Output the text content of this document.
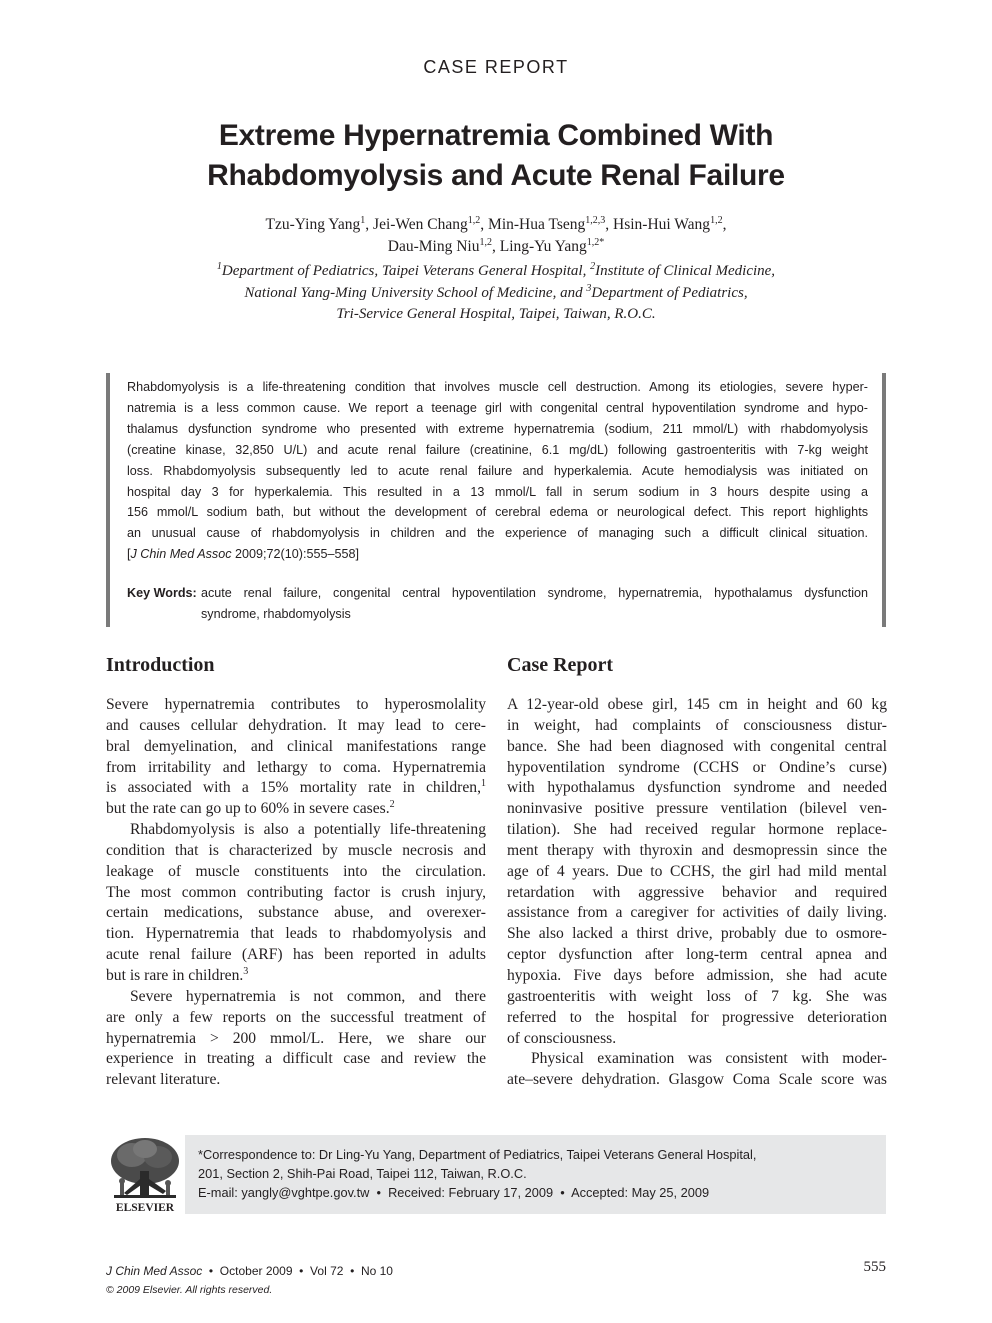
CASE REPORT
Extreme Hypernatremia Combined With
Rhabdomyolysis and Acute Renal Failure
Tzu-Ying Yang$^1$, Jei-Wen Chang$^{1,2}$, Min-Hua Tseng$^{1,2,3}$, Hsin-Hui Wang$^{1,2}$,
Dau-Ming Niu$^{1,2}$, Ling-Yu Yang$^{1,2*}$
$^1$Department of Pediatrics, Taipei Veterans General Hospital, $^2$Institute of Clinical Medicine,
National Yang-Ming University School of Medicine, and $^3$Department of Pediatrics,
Tri-Service General Hospital, Taipei, Taiwan, R.O.C.
Rhabdomyolysis is a life-threatening condition that involves muscle cell destruction. Among its etiologies, severe hyper-
natremia is a less common cause. We report a teenage girl with congenital central hypoventilation syndrome and hypo-
thalamus dysfunction syndrome who presented with extreme hypernatremia (sodium, 211 mmol/L) with rhabdomyolysis
(creatine kinase, 32,850 U/L) and acute renal failure (creatinine, 6.1 mg/dL) following gastroenteritis with 7-kg weight
loss. Rhabdomyolysis subsequently led to acute renal failure and hyperkalemia. Acute hemodialysis was initiated on
hospital day 3 for hyperkalemia. This resulted in a 13 mmol/L fall in serum sodium in 3 hours despite using a
156 mmol/L sodium bath, but without the development of cerebral edema or neurological defect. This report highlights
an unusual cause of rhabdomyolysis in children and the experience of managing such a difficult clinical situation.
[J Chin Med Assoc 2009;72(10):555–558]
Key Words: acute renal failure, congenital central hypoventilation syndrome, hypernatremia, hypothalamus dysfunction
syndrome, rhabdomyolysis
Introduction
Severe hypernatremia contributes to hyperosmolality
and causes cellular dehydration. It may lead to cere-
bral demyelination, and clinical manifestations range
from irritability and lethargy to coma. Hypernatremia
is associated with a 15% mortality rate in children,$^1$
but the rate can go up to 60% in severe cases.$^2$
Rhabdomyolysis is also a potentially life-threatening
condition that is characterized by muscle necrosis and
leakage of muscle constituents into the circulation.
The most common contributing factor is crush injury,
certain medications, substance abuse, and overexer-
tion. Hypernatremia that leads to rhabdomyolysis and
acute renal failure (ARF) has been reported in adults
but is rare in children.$^3$
Severe hypernatremia is not common, and there
are only a few reports on the successful treatment of
hypernatremia > 200 mmol/L. Here, we share our
experience in treating a difficult case and review the
relevant literature.
Case Report
A 12-year-old obese girl, 145 cm in height and 60 kg
in weight, had complaints of consciousness distur-
bance. She had been diagnosed with congenital central
hypoventilation syndrome (CCHS or Ondine’s curse)
with hypothalamus dysfunction syndrome and needed
noninvasive positive pressure ventilation (bilevel ven-
tilation). She had received regular hormone replace-
ment therapy with thyroxin and desmopressin since the
age of 4 years. Due to CCHS, the girl had mild mental
retardation with aggressive behavior and required
assistance from a caregiver for activities of daily living.
She also lacked a thirst drive, probably due to osmore-
ceptor dysfunction after long-term central apnea and
hypoxia. Five days before admission, she had acute
gastroenteritis with weight loss of 7 kg. She was
referred to the hospital for progressive deterioration
of consciousness.
Physical examination was consistent with moder-
ate–severe dehydration. Glasgow Coma Scale score was
ELSEVIER
*Correspondence to: Dr Ling-Yu Yang, Department of Pediatrics, Taipei Veterans General Hospital,
201, Section 2, Shih-Pai Road, Taipei 112, Taiwan, R.O.C.
E-mail: yangly@vghtpe.gov.tw  •  Received: February 17, 2009  •  Accepted: May 25, 2009
J Chin Med Assoc  •  October 2009  •  Vol 72  •  No 10
© 2009 Elsevier. All rights reserved.
555
